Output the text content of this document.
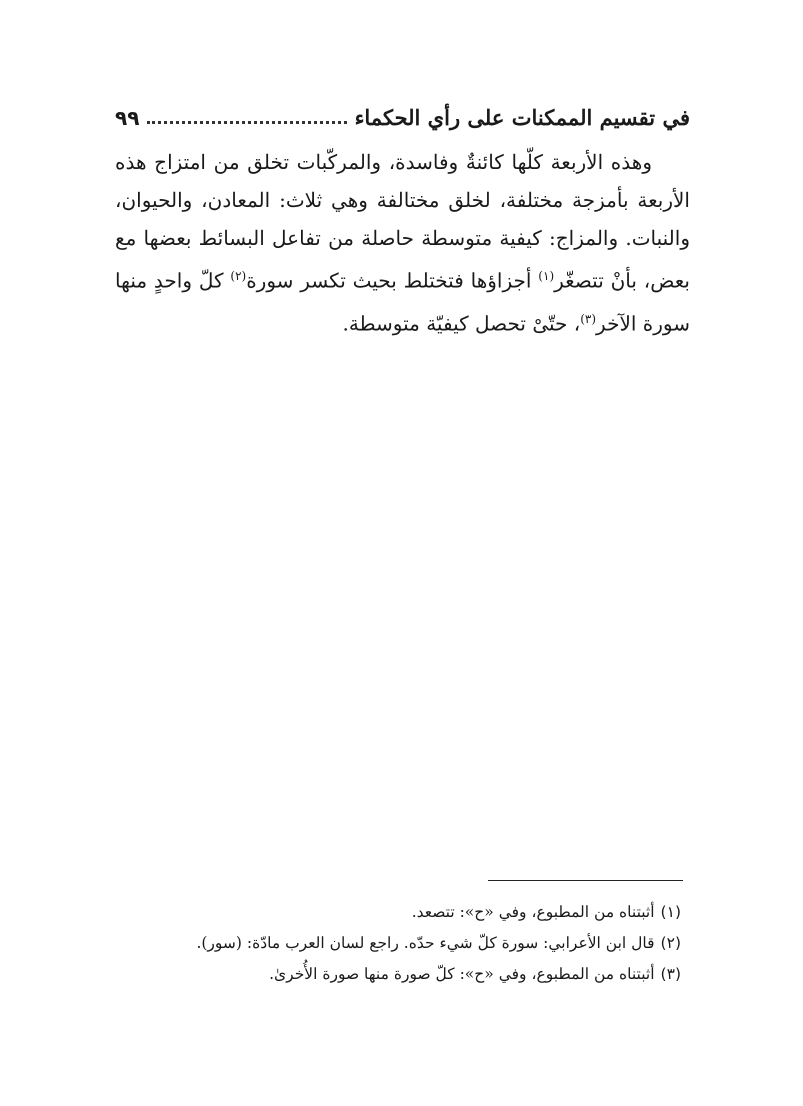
في تقسيم الممكنات على رأي الحكماء
٩٩

وهذه الأربعة كلّها كائنةٌ وفاسدة، والمركّبات تخلق من امتزاج هذه الأربعة بأمزجة مختلفة، لخلق مختالفة وهي ثلاث: المعادن، والحيوان، والنبات. والمزاج: كيفية متوسطة حاصلة من تفاعل البسائط بعضها مع بعض، بأنْ تتصغّر$^{(١)}$ أجزاؤها فتختلط بحيث تكسر سورة$^{(٢)}$ كلّ واحدٍ منها سورة الآخر$^{(٣)}$، حتّىْ تحصل كيفيّة متوسطة.

(١)أثبتناه من المطبوع، وفي «ح»: تتصعد.
(٢)قال ابن الأعرابي: سورة كلّ شيء حدّه. راجع لسان العرب مادّة: (سور).
(٣)أثبتناه من المطبوع، وفي «ح»: كلّ صورة منها صورة الأُخرىٰ.
